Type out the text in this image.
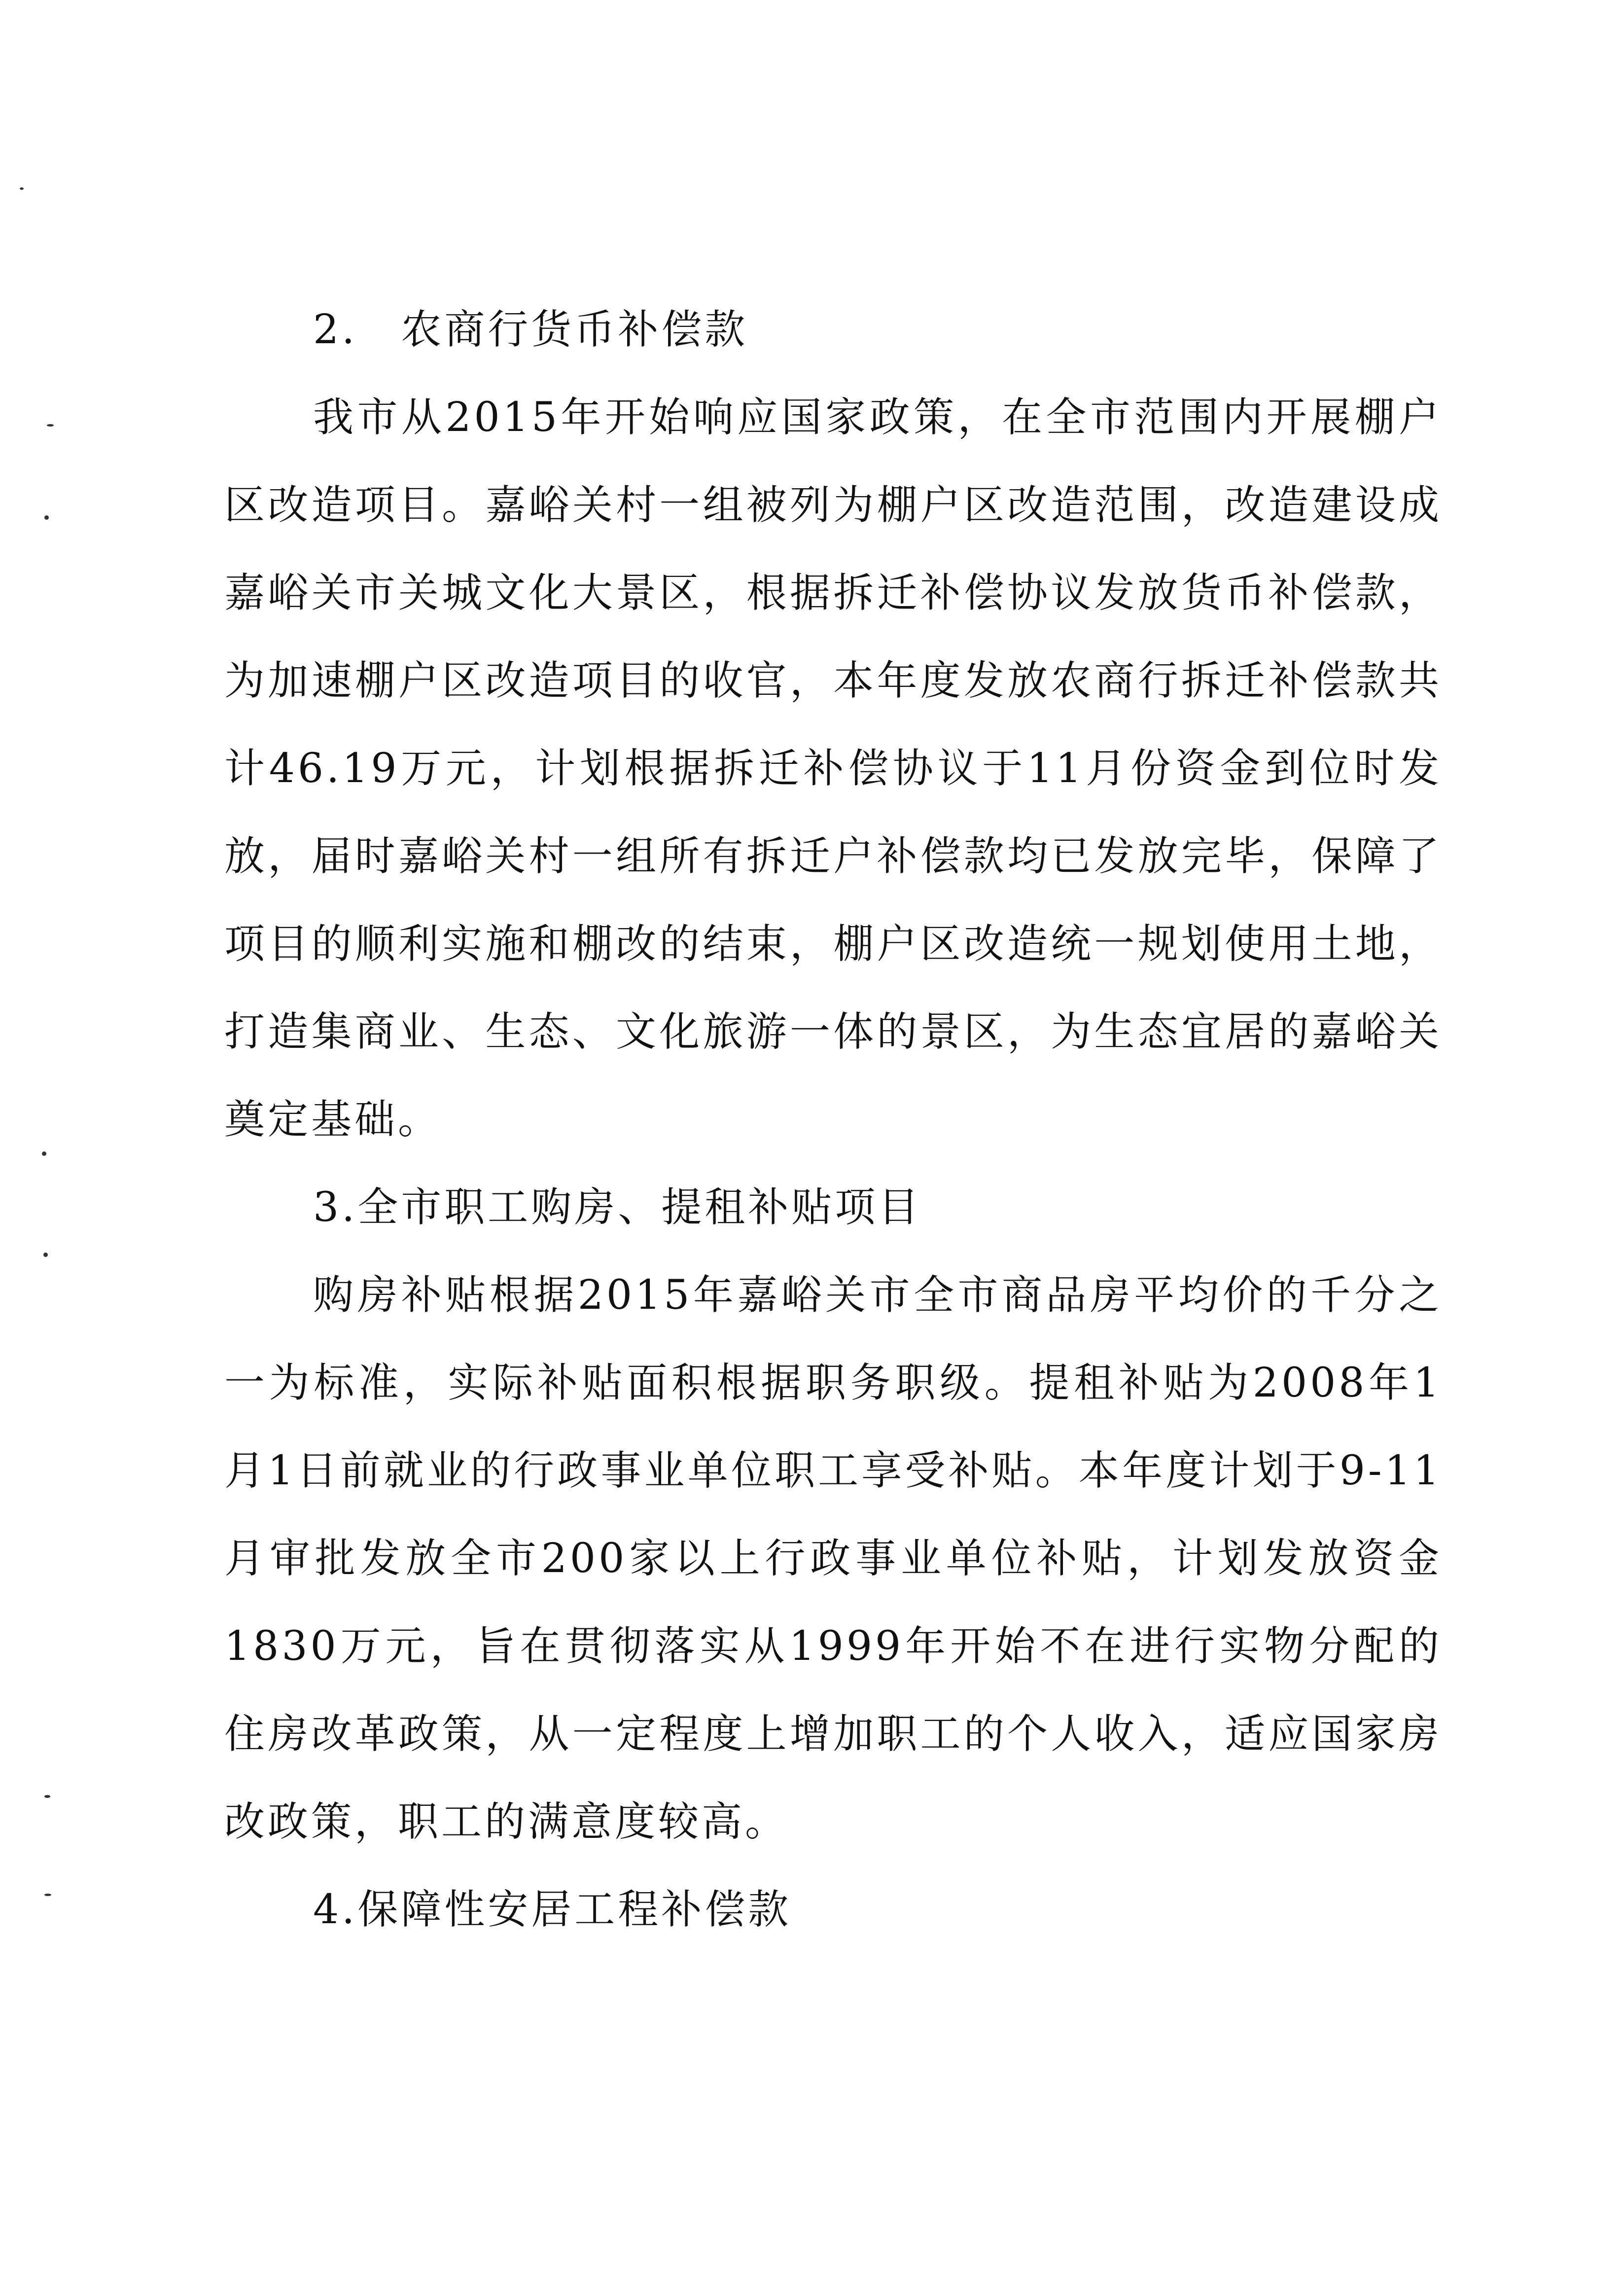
2.　农商行货币补偿款

我市从2015年开始响应国家政策，在全市范围内开展棚户区改造项目。嘉峪关村一组被列为棚户区改造范围，改造建设成嘉峪关市关城文化大景区，根据拆迁补偿协议发放货币补偿款，为加速棚户区改造项目的收官，本年度发放农商行拆迁补偿款共计46.19万元，计划根据拆迁补偿协议于11月份资金到位时发放，届时嘉峪关村一组所有拆迁户补偿款均已发放完毕，保障了项目的顺利实施和棚改的结束，棚户区改造统一规划使用土地，打造集商业、生态、文化旅游一体的景区，为生态宜居的嘉峪关奠定基础。

3.全市职工购房、提租补贴项目

购房补贴根据2015年嘉峪关市全市商品房平均价的千分之一为标准，实际补贴面积根据职务职级。提租补贴为2008年1月1日前就业的行政事业单位职工享受补贴。本年度计划于9-11月审批发放全市200家以上行政事业单位补贴，计划发放资金1830万元，旨在贯彻落实从1999年开始不在进行实物分配的住房改革政策，从一定程度上增加职工的个人收入，适应国家房改政策，职工的满意度较高。

4.保障性安居工程补偿款
